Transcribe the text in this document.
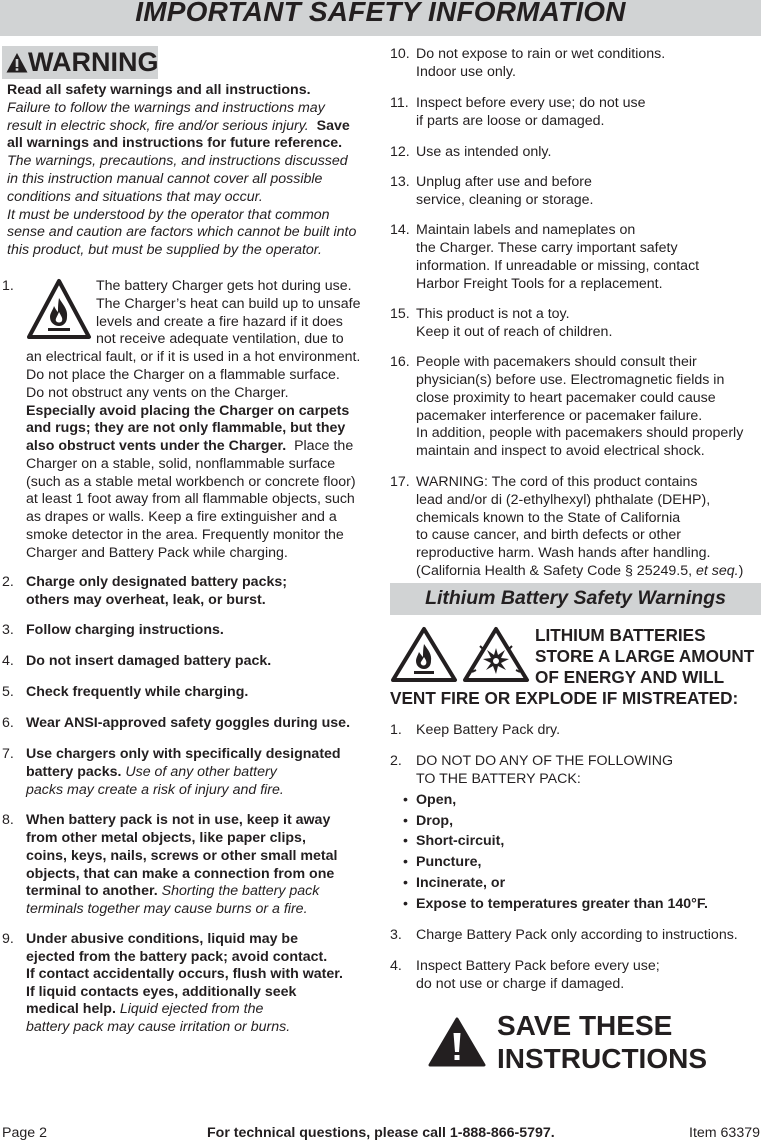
IMPORTANT SAFETY INFORMATION
WARNING
Read all safety warnings and all instructions.
Failure to follow the warnings and instructions may
result in electric shock, fire and/or serious injury. Save
all warnings and instructions for future reference.
The warnings, precautions, and instructions discussed
in this instruction manual cannot cover all possible
conditions and situations that may occur.
It must be understood by the operator that common
sense and caution are factors which cannot be built into
this product, but must be supplied by the operator.
1.	The battery Charger gets hot during use.
The Charger’s heat can build up to unsafe
levels and create a fire hazard if it does
not receive adequate ventilation, due to
an electrical fault, or if it is used in a hot environment.
Do not place the Charger on a flammable surface.
Do not obstruct any vents on the Charger.
Especially avoid placing the Charger on carpets
and rugs; they are not only flammable, but they
also obstruct vents under the Charger. Place the
Charger on a stable, solid, nonflammable surface
(such as a stable metal workbench or concrete floor)
at least 1 foot away from all flammable objects, such
as drapes or walls. Keep a fire extinguisher and a
smoke detector in the area. Frequently monitor the
Charger and Battery Pack while charging.
2. Charge only designated battery packs;
others may overheat, leak, or burst.
3. Follow charging instructions.
4. Do not insert damaged battery pack.
5. Check frequently while charging.
6. Wear ANSI-approved safety goggles during use.
7. Use chargers only with specifically designated
battery packs. Use of any other battery
packs may create a risk of injury and fire.
8. When battery pack is not in use, keep it away
from other metal objects, like paper clips,
coins, keys, nails, screws or other small metal
objects, that can make a connection from one
terminal to another. Shorting the battery pack
terminals together may cause burns or a fire.
9. Under abusive conditions, liquid may be
ejected from the battery pack; avoid contact.
If contact accidentally occurs, flush with water.
If liquid contacts eyes, additionally seek
medical help. Liquid ejected from the
battery pack may cause irritation or burns.
10. Do not expose to rain or wet conditions.
Indoor use only.
11. Inspect before every use; do not use
if parts are loose or damaged.
12. Use as intended only.
13. Unplug after use and before
service, cleaning or storage.
14. Maintain labels and nameplates on
the Charger. These carry important safety
information. If unreadable or missing, contact
Harbor Freight Tools for a replacement.
15. This product is not a toy.
Keep it out of reach of children.
16. People with pacemakers should consult their
physician(s) before use. Electromagnetic fields in
close proximity to heart pacemaker could cause
pacemaker interference or pacemaker failure.
In addition, people with pacemakers should properly
maintain and inspect to avoid electrical shock.
17. WARNING: The cord of this product contains
lead and/or di (2-ethylhexyl) phthalate (DEHP),
chemicals known to the State of California
to cause cancer, and birth defects or other
reproductive harm. Wash hands after handling.
(California Health & Safety Code § 25249.5, et seq.)
Lithium Battery Safety Warnings
LITHIUM BATTERIES
STORE A LARGE AMOUNT
OF ENERGY AND WILL
VENT FIRE OR EXPLODE IF MISTREATED:
1. Keep Battery Pack dry.
2. DO NOT DO ANY OF THE FOLLOWING
TO THE BATTERY PACK:
• Open,
• Drop,
• Short-circuit,
• Puncture,
• Incinerate, or
• Expose to temperatures greater than 140°F.
3. Charge Battery Pack only according to instructions.
4. Inspect Battery Pack before every use;
do not use or charge if damaged.
SAVE THESE
INSTRUCTIONS
Page 2	For technical questions, please call 1-888-866-5797.	Item 63379
